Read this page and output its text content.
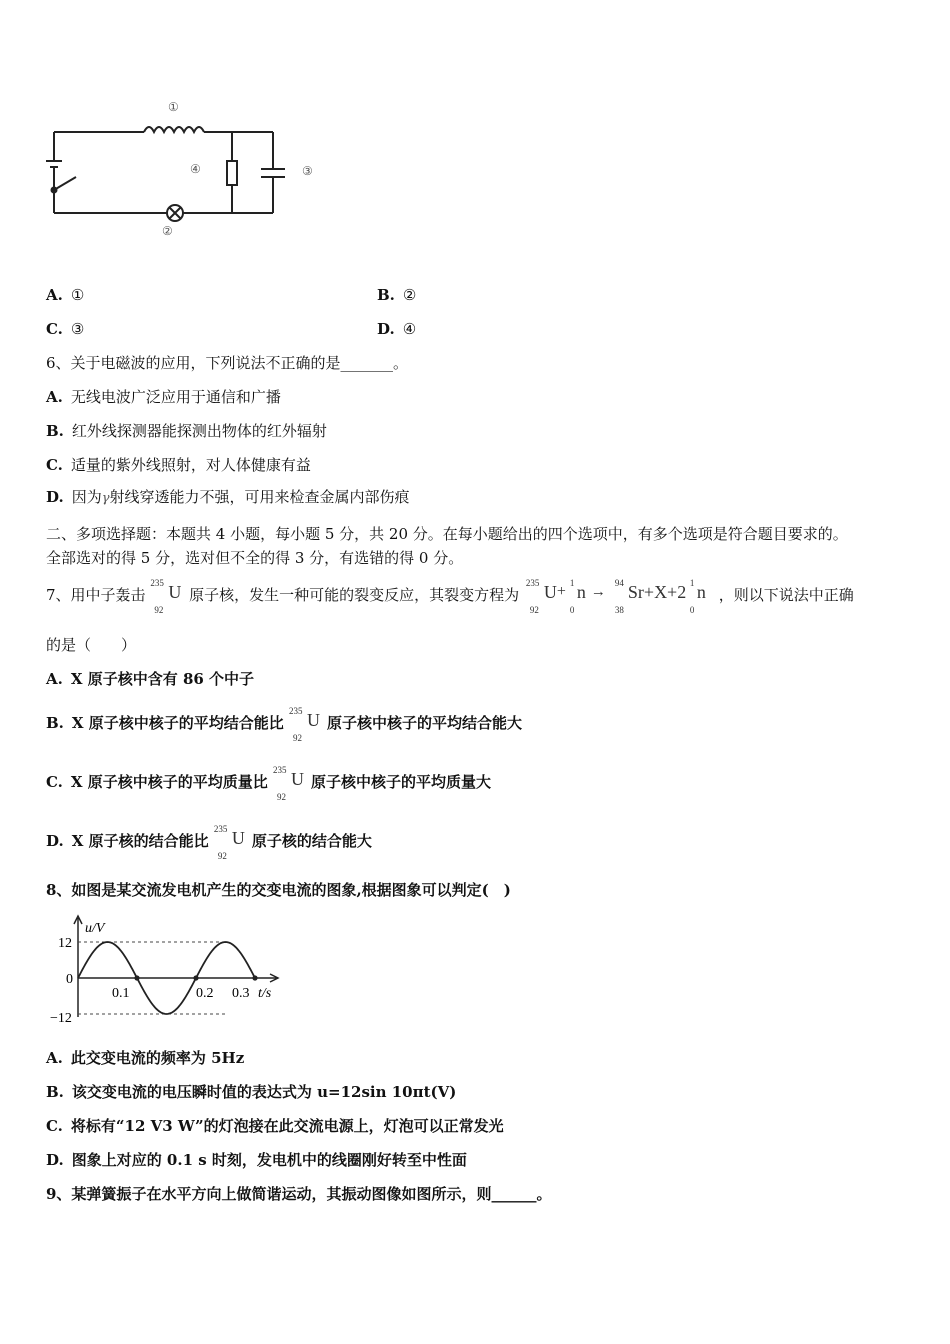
①
②
③
④
A. ①	B. ②
C. ③	D. ④
6、关于电磁波的应用，下列说法不正确的是_______。
A. 无线电波广泛应用于通信和广播
B. 红外线探测器能探测出物体的红外辐射
C. 适量的紫外线照射，对人体健康有益
D. 因为γ射线穿透能力不强，可用来检查金属内部伤痕
二、多项选择题：本题共 4 小题，每小题 5 分，共 20 分。在每小题给出的四个选项中，有多个选项是符合题目要求的。
全部选对的得 5 分，选对但不全的得 3 分，有选错的得 0 分。
7、用中子轰击
235
92
U 原子核，发生一种可能的裂变反应，其裂变方程为
235
92
U + 1
0
n →
94
38
Sr+X+2 1
0
n ，则以下说法中正确
的是（　　）
A. X 原子核中含有 86 个中子
B. X 原子核中核子的平均结合能比
235
92
U 原子核中核子的平均结合能大
C. X 原子核中核子的平均质量比
235
92
U 原子核中核子的平均质量大
D. X 原子核的结合能比
235
92
U 原子核的结合能大
8、如图是某交流发电机产生的交变电流的图象,根据图象可以判定(　)
u/V
t/s
12
0
−12
0.1	0.2 0.3
A. 此交变电流的频率为 5Hz
B. 该交变电流的电压瞬时值的表达式为 u=12sin 10πt(V)
C. 将标有“12 V3 W”的灯泡接在此交流电源上，灯泡可以正常发光
D. 图象上对应的 0.1 s 时刻，发电机中的线圈刚好转至中性面
9、某弹簧振子在水平方向上做简谐运动，其振动图像如图所示，则______。
